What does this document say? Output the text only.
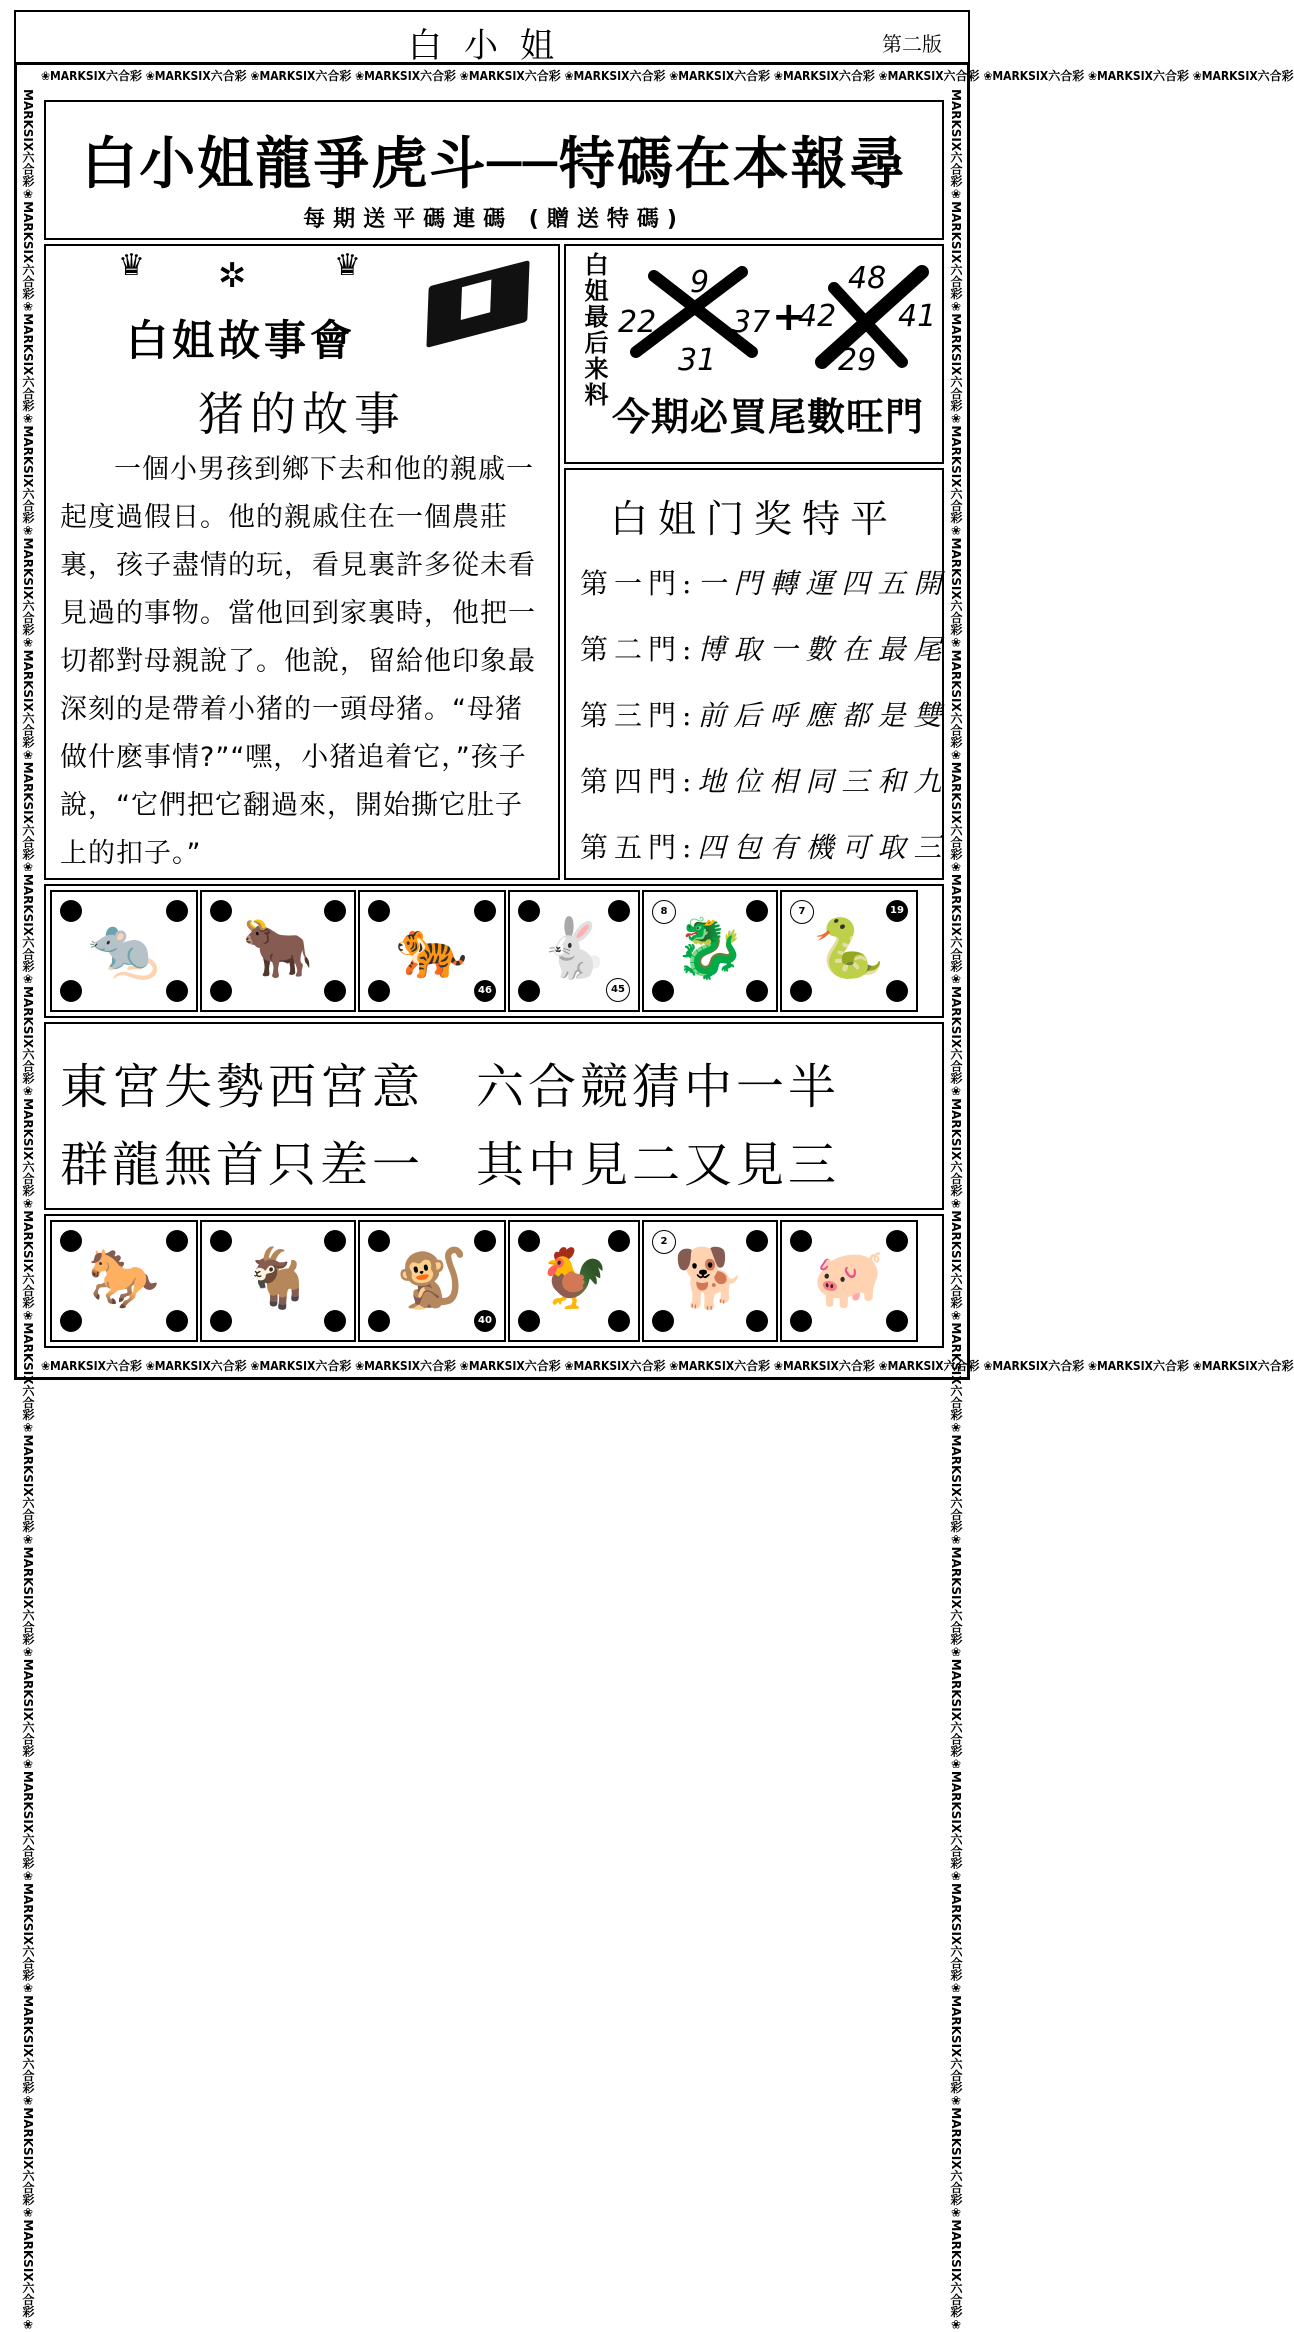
白小姐	第二版
❀MARKSIX六合彩 ❀MARKSIX六合彩 ❀MARKSIX六合彩 ❀MARKSIX六合彩 ❀MARKSIX六合彩 ❀MARKSIX六合彩 ❀MARKSIX六合彩 ❀MARKSIX六合彩 ❀MARKSIX六合彩 ❀MARKSIX六合彩 ❀MARKSIX六合彩 ❀MARKSIX六合彩
❀MARKSIX六合彩 ❀MARKSIX六合彩 ❀MARKSIX六合彩 ❀MARKSIX六合彩 ❀MARKSIX六合彩 ❀MARKSIX六合彩 ❀MARKSIX六合彩 ❀MARKSIX六合彩 ❀MARKSIX六合彩 ❀MARKSIX六合彩 ❀MARKSIX六合彩 ❀MARKSIX六合彩
MARKSIX六合彩❀MARKSIX六合彩❀MARKSIX六合彩❀MARKSIX六合彩❀MARKSIX六合彩❀MARKSIX六合彩❀MARKSIX六合彩❀MARKSIX六合彩❀MARKSIX六合彩❀MARKSIX六合彩❀MARKSIX六合彩❀MARKSIX六合彩❀MARKSIX六合彩❀MARKSIX六合彩❀MARKSIX六合彩❀MARKSIX六合彩❀MARKSIX六合彩❀MARKSIX六合彩❀MARKSIX六合彩❀MARKSIX六合彩❀	MARKSIX六合彩❀MARKSIX六合彩❀MARKSIX六合彩❀MARKSIX六合彩❀MARKSIX六合彩❀MARKSIX六合彩❀MARKSIX六合彩❀MARKSIX六合彩❀MARKSIX六合彩❀MARKSIX六合彩❀MARKSIX六合彩❀MARKSIX六合彩❀MARKSIX六合彩❀MARKSIX六合彩❀MARKSIX六合彩❀MARKSIX六合彩❀MARKSIX六合彩❀MARKSIX六合彩❀MARKSIX六合彩❀MARKSIX六合彩❀
白小姐龍爭虎斗──特碼在本報尋
每期送平碼連碼 (贈送特碼)
♛ ✲	♛
白姐故事會
猪的故事

一個小男孩到鄉下去和他的親戚一起度過假日。他的親戚住在一個農莊裏，孩子盡情的玩，看見裏許多從未看見過的事物。當他回到家裏時，他把一切都對母親說了。他說，留給他印象最深刻的是帶着小猪的一頭母猪。“母猪做什麽事情?”“嘿，小猪追着它，”孩子說，“它們把它翻過來，開始撕它肚子上的扣子。”

白姐最后来料 22
9
37
31
+
42
48
41
29
今期必買尾數旺門
白姐门奖特平
第一門:一門轉運四五開
第二門:博取一數在最尾
第三門:前后呼應都是雙
第四門:地位相同三和九
第五門:四包有機可取三
🐀	🐂	🐅
46
🐇
45
🐉
8
🐍
7	19
東宮失勢西宮意　六合競猜中一半
群龍無首只差一　其中見二又見三
🐎	🐐	🐒
40
🐓	🐕
2
🐖
